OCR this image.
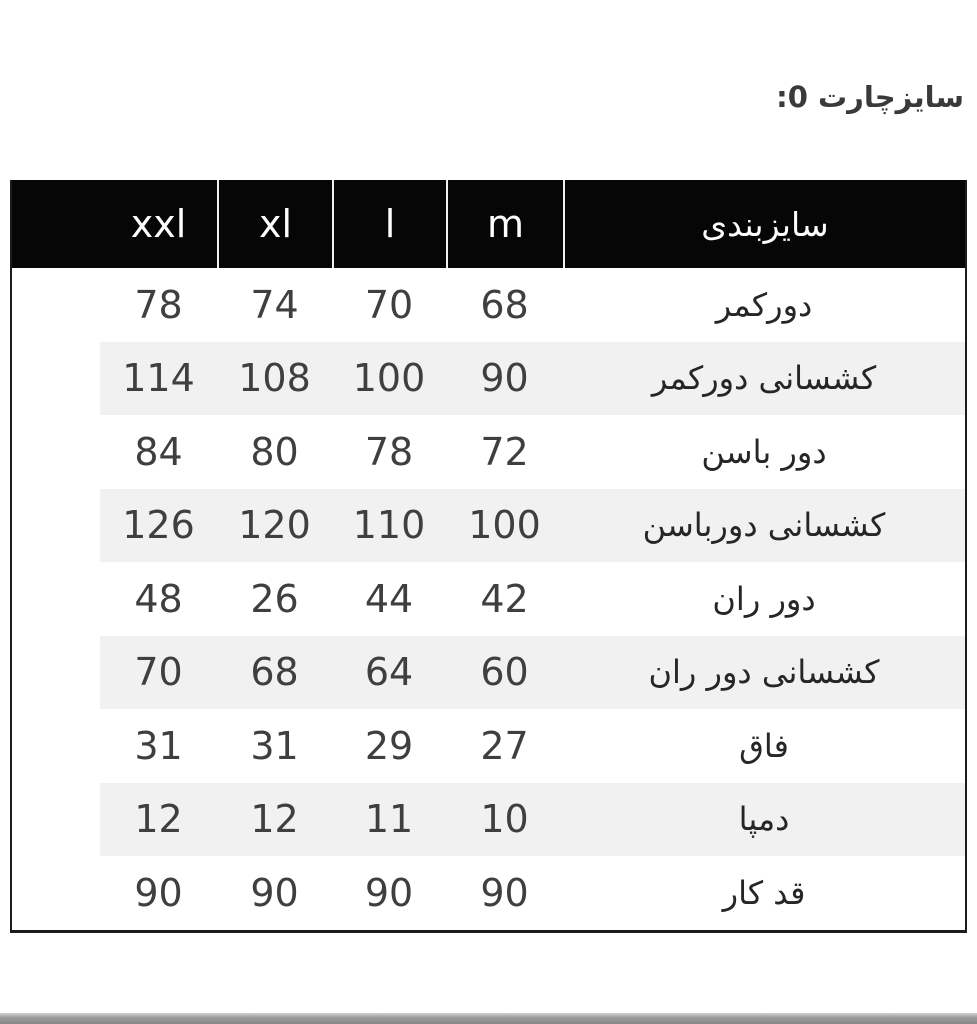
سایزچارت 0:
سایزبندی
m
l
xl
xxl
دورکمر
68
70
74
78
کشسانی دورکمر
90
100
108
114
دور باسن
72
78
80
84
کشسانی دورباسن
100
110
120
126
دور ران
42
44
26
48
کشسانی دور ران
60
64
68
70
فاق
27
29
31
31
دمپا
10
11
12
12
قد کار
90
90
90
90
